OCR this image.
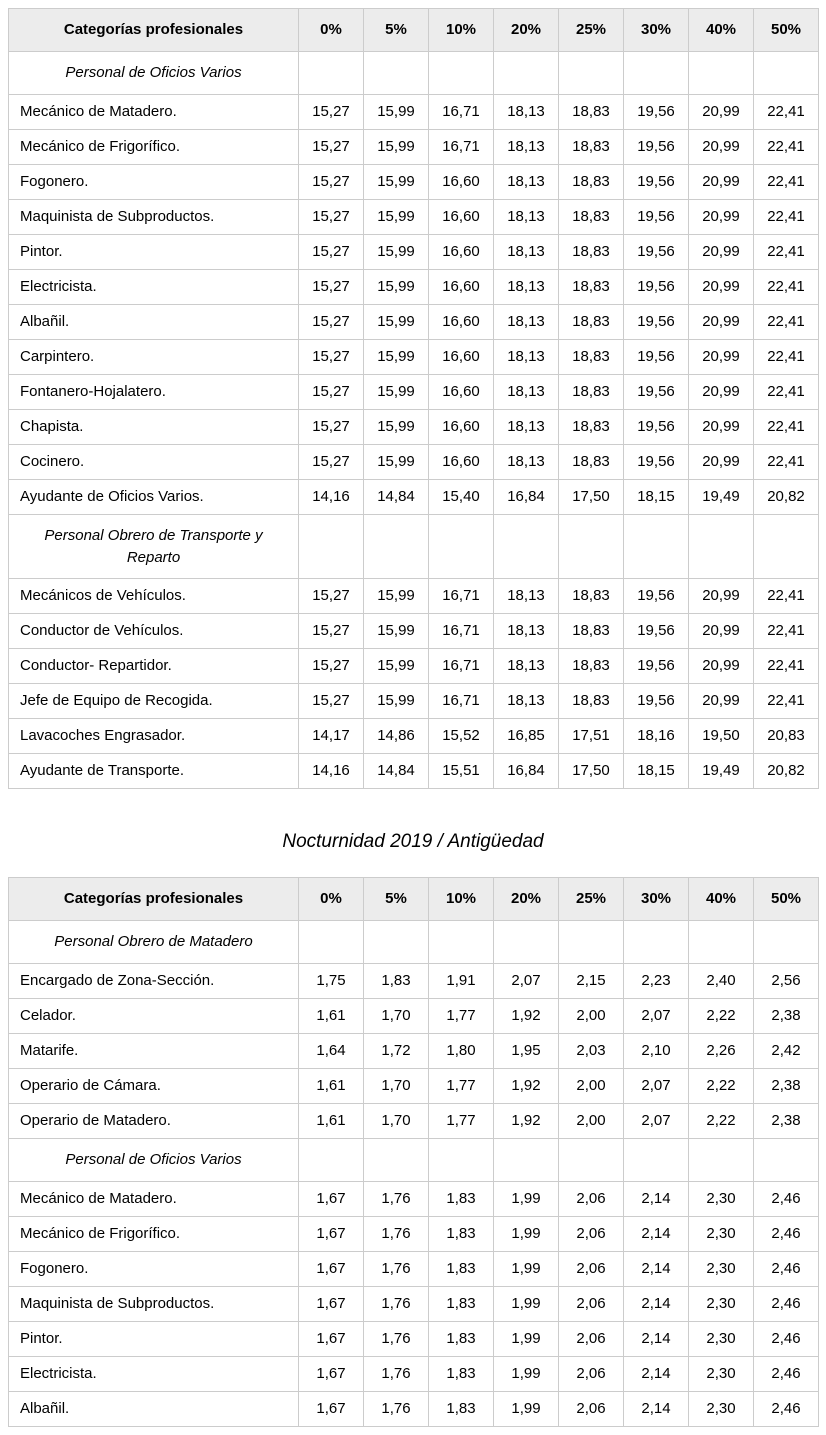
Categorías profesionales	0%	5%	10%	20%	25%	30%	40%	50%
Personal de Oficios Varios								
Mecánico de Matadero.	15,27	15,99	16,71	18,13	18,83	19,56	20,99	22,41
Mecánico de Frigorífico.	15,27	15,99	16,71	18,13	18,83	19,56	20,99	22,41
Fogonero.	15,27	15,99	16,60	18,13	18,83	19,56	20,99	22,41
Maquinista de Subproductos.	15,27	15,99	16,60	18,13	18,83	19,56	20,99	22,41
Pintor.	15,27	15,99	16,60	18,13	18,83	19,56	20,99	22,41
Electricista.	15,27	15,99	16,60	18,13	18,83	19,56	20,99	22,41
Albañil.	15,27	15,99	16,60	18,13	18,83	19,56	20,99	22,41
Carpintero.	15,27	15,99	16,60	18,13	18,83	19,56	20,99	22,41
Fontanero-Hojalatero.	15,27	15,99	16,60	18,13	18,83	19,56	20,99	22,41
Chapista.	15,27	15,99	16,60	18,13	18,83	19,56	20,99	22,41
Cocinero.	15,27	15,99	16,60	18,13	18,83	19,56	20,99	22,41
Ayudante de Oficios Varios.	14,16	14,84	15,40	16,84	17,50	18,15	19,49	20,82
Personal Obrero de Transporte y Reparto								
Mecánicos de Vehículos.	15,27	15,99	16,71	18,13	18,83	19,56	20,99	22,41
Conductor de Vehículos.	15,27	15,99	16,71	18,13	18,83	19,56	20,99	22,41
Conductor- Repartidor.	15,27	15,99	16,71	18,13	18,83	19,56	20,99	22,41
Jefe de Equipo de Recogida.	15,27	15,99	16,71	18,13	18,83	19,56	20,99	22,41
Lavacoches Engrasador.	14,17	14,86	15,52	16,85	17,51	18,16	19,50	20,83
Ayudante de Transporte.	14,16	14,84	15,51	16,84	17,50	18,15	19,49	20,82
Nocturnidad 2019 / Antigüedad
Categorías profesionales	0%	5%	10%	20%	25%	30%	40%	50%
Personal Obrero de Matadero								
Encargado de Zona-Sección.	1,75	1,83	1,91	2,07	2,15	2,23	2,40	2,56
Celador.	1,61	1,70	1,77	1,92	2,00	2,07	2,22	2,38
Matarife.	1,64	1,72	1,80	1,95	2,03	2,10	2,26	2,42
Operario de Cámara.	1,61	1,70	1,77	1,92	2,00	2,07	2,22	2,38
Operario de Matadero.	1,61	1,70	1,77	1,92	2,00	2,07	2,22	2,38
Personal de Oficios Varios								
Mecánico de Matadero.	1,67	1,76	1,83	1,99	2,06	2,14	2,30	2,46
Mecánico de Frigorífico.	1,67	1,76	1,83	1,99	2,06	2,14	2,30	2,46
Fogonero.	1,67	1,76	1,83	1,99	2,06	2,14	2,30	2,46
Maquinista de Subproductos.	1,67	1,76	1,83	1,99	2,06	2,14	2,30	2,46
Pintor.	1,67	1,76	1,83	1,99	2,06	2,14	2,30	2,46
Electricista.	1,67	1,76	1,83	1,99	2,06	2,14	2,30	2,46
Albañil.	1,67	1,76	1,83	1,99	2,06	2,14	2,30	2,46
